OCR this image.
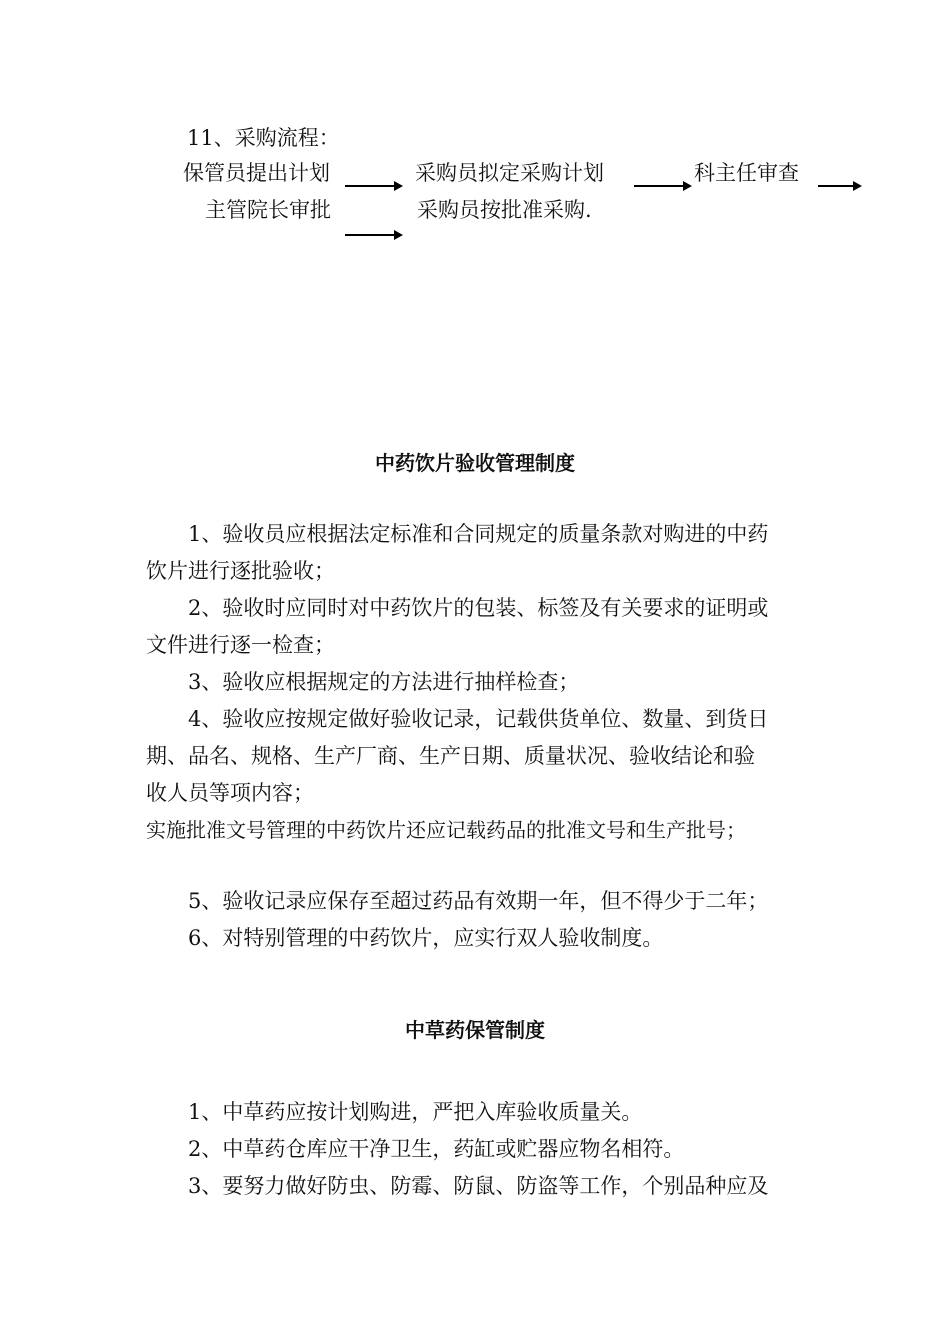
11、采购流程：
保管员提出计划	采购员拟定采购计划	科主任审查
主管院长审批	采购员按批准采购.
中药饮片验收管理制度
1、验收员应根据法定标准和合同规定的质量条款对购进的中药
饮片进行逐批验收；
2、验收时应同时对中药饮片的包装、标签及有关要求的证明或
文件进行逐一检查；
3、验收应根据规定的方法进行抽样检查；
4、验收应按规定做好验收记录，记载供货单位、数量、到货日
期、品名、规格、生产厂商、生产日期、质量状况、验收结论和验
收人员等项内容；
实施批准文号管理的中药饮片还应记载药品的批准文号和生产批号；
5、验收记录应保存至超过药品有效期一年，但不得少于二年；
6、对特别管理的中药饮片，应实行双人验收制度。
中草药保管制度
1、中草药应按计划购进，严把入库验收质量关。
2、中草药仓库应干净卫生，药缸或贮器应物名相符。
3、要努力做好防虫、防霉、防鼠、防盗等工作，个别品种应及
